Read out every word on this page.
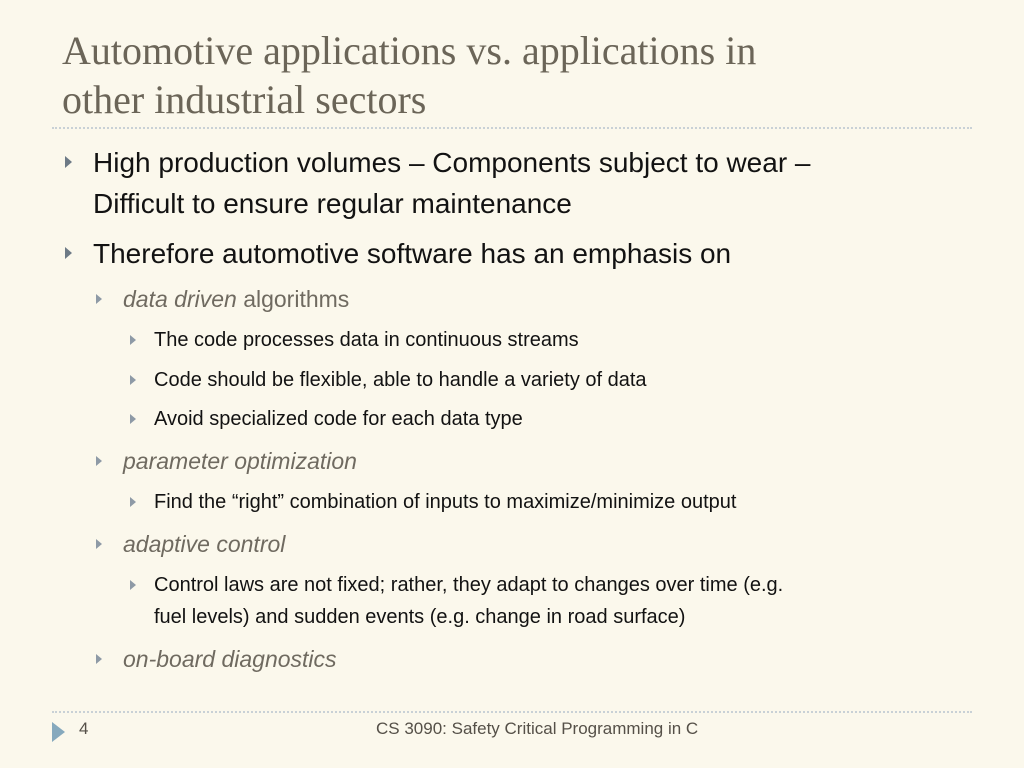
Automotive applications vs. applications in
other industrial sectors
High production volumes – Components subject to wear –
Difficult to ensure regular maintenance
Therefore automotive software has an emphasis on
data driven algorithms
The code processes data in continuous streams
Code should be flexible, able to handle a variety of data
Avoid specialized code for each data type
parameter optimization
Find the “right” combination of inputs to maximize/minimize output
adaptive control
Control laws are not fixed; rather, they adapt to changes over time (e.g.
fuel levels) and sudden events (e.g. change in road surface)
on-board diagnostics
4	CS 3090: Safety Critical Programming in C
